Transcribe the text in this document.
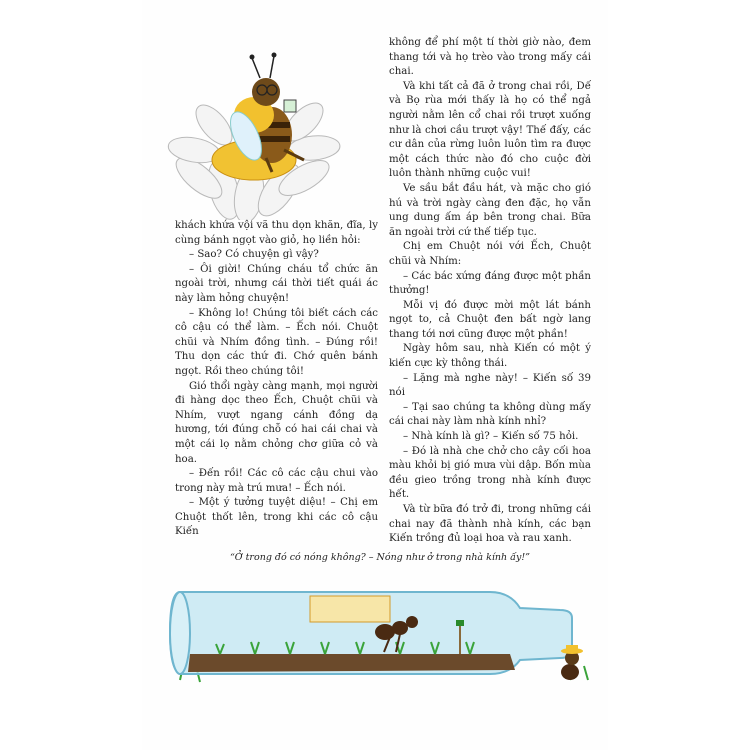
khách khứa vội vã thu dọn khăn, đĩa, ly cùng bánh ngọt vào giỏ, họ liền hỏi:

– Sao? Có chuyện gì vậy?

– Ôi giời! Chúng cháu tổ chức ăn ngoài trời, nhưng cái thời tiết quái ác này làm hỏng chuyện!

– Không lo! Chúng tôi biết cách các cô cậu có thể làm. – Ếch nói. Chuột chũi và Nhím đồng tình. – Đúng rồi! Thu dọn các thứ đi. Chớ quên bánh ngọt. Rồi theo chúng tôi!

Gió thổi ngày càng mạnh, mọi người đi hàng dọc theo Ếch, Chuột chũi và Nhím, vượt ngang cánh đồng dạ hương, tới đúng chỗ có hai cái chai và một cái lọ nằm chỏng chơ giữa cỏ và hoa.

– Đến rồi! Các cô các cậu chui vào trong này mà trú mưa! – Ếch nói.

– Một ý tưởng tuyệt diệu! – Chị em Chuột thốt lên, trong khi các cô cậu Kiến

không để phí một tí thời giờ nào, đem thang tới và họ trèo vào trong mấy cái chai.

Và khi tất cả đã ở trong chai rồi, Dế và Bọ rùa mới thấy là họ có thể ngả người nằm lên cổ chai rồi trượt xuống như là chơi cầu trượt vậy! Thế đấy, các cư dân của rừng luôn luôn tìm ra được một cách thức nào đó cho cuộc đời luôn thành những cuộc vui!

Ve sầu bắt đầu hát, và mặc cho gió hú và trời ngày càng đen đặc, họ vẫn ung dung ấm áp bên trong chai. Bữa ăn ngoài trời cứ thế tiếp tục.

Chị em Chuột nói với Ếch, Chuột chũi và Nhím:

– Các bác xứng đáng được một phần thưởng!

Mỗi vị đó được mời một lát bánh ngọt to, cả Chuột đen bất ngờ lang thang tới nơi cũng được một phần!

Ngày hôm sau, nhà Kiến có một ý kiến cực kỳ thông thái.

– Lặng mà nghe này! – Kiến số 39 nói

– Tại sao chúng ta không dùng mấy cái chai này làm nhà kính nhỉ?

– Nhà kính là gì? – Kiến số 75 hỏi.

– Đó là nhà che chở cho cây cối hoa màu khỏi bị gió mưa vùi dập. Bốn mùa đều gieo trồng trong nhà kính được hết.

Và từ bữa đó trở đi, trong những cái chai nay đã thành nhà kính, các bạn Kiến trồng đủ loại hoa và rau xanh.

“Ở trong đó có nóng không? – Nóng như ở trong nhà kính ấy!”
